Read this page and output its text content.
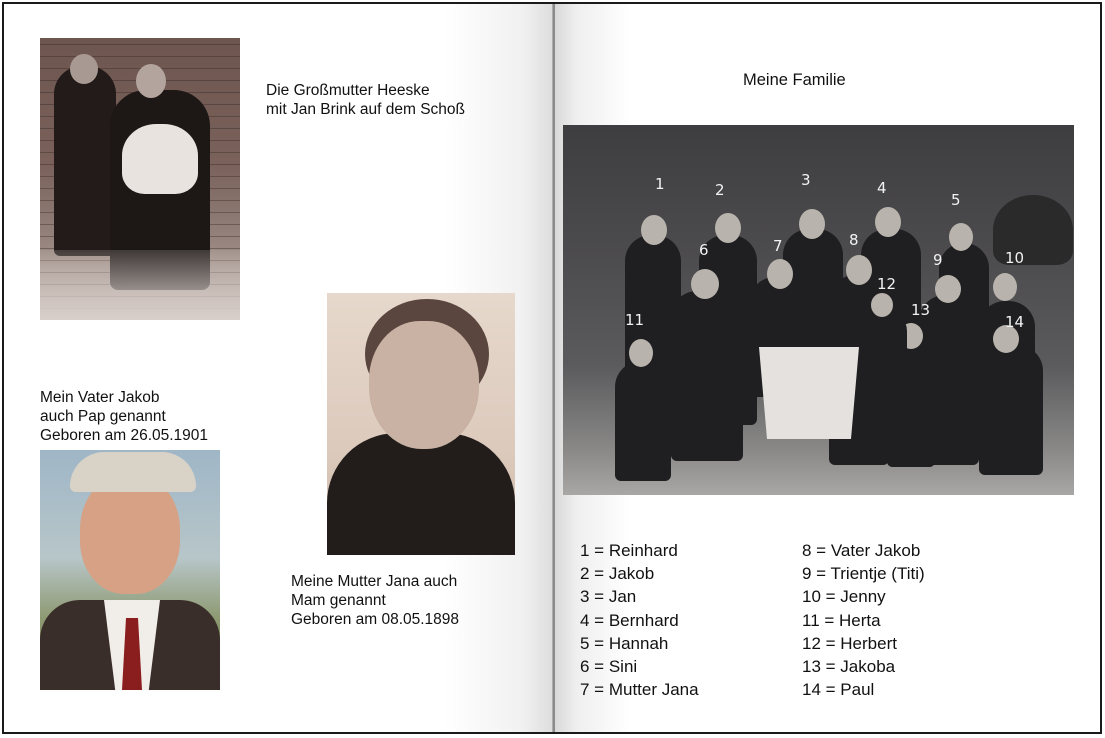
Die Großmutter Heeske
mit Jan Brink auf dem Schoß
Mein Vater Jakob
auch Pap genannt
Geboren am 26.05.1901
Meine Mutter Jana auch
Mam genannt
Geboren am 08.05.1898
Meine Familie
1	2
3	4
5
6	7	8
9	10
11
12
13
14
1 = Reinhard
2 = Jakob
3 = Jan
4 = Bernhard
5 = Hannah
6 = Sini
7 = Mutter Jana
8 = Vater Jakob
9 = Trientje (Titi)
10 = Jenny
11 = Herta
12 = Herbert
13 = Jakoba
14 = Paul
